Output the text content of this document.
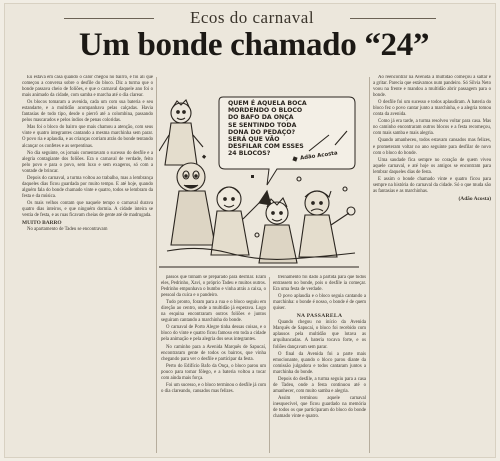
Ecos do carnaval
Um bonde chamado “24”

Eu estava em casa quando o calor chegou no bairro, e foi ali que começou a conversa sobre o desfile do bloco. Diz a turma que o bonde passava cheio de foliões, e que o carnaval daquele ano foi o mais animado da cidade, com samba e marcha até o dia clarear.

Os blocos tomaram a avenida, cada um com sua bateria e seu estandarte, e a multidão acompanhava pelas calçadas. Havia fantasias de todo tipo, desde o pierrô até a colombina, passando pelos mascarados e pelos índios de penas coloridas.

Mas foi o bloco do bairro que mais chamou a atenção, com seus vinte e quatro integrantes cantando a mesma marchinha sem parar. O povo ria e aplaudia, e as crianças corriam atrás do bonde tentando alcançar os confetes e as serpentinas.

No dia seguinte, os jornais comentavam o sucesso do desfile e a alegria contagiante dos foliões. Era o carnaval de verdade, feito pelo povo e para o povo, sem luxo e sem exageros, só com a vontade de brincar.

Depois do carnaval, a turma voltou ao trabalho, mas a lembrança daqueles dias ficou guardada por muito tempo. E até hoje, quando alguém fala do bonde chamado vinte e quatro, todos se lembram da festa e da música.

Os mais velhos contam que naquele tempo o carnaval durava quatro dias inteiros, e que ninguém dormia. A cidade inteira se vestia de festa, e as ruas ficavam cheias de gente até de madrugada.

MUITO BARRO

No apartamento de Tadeu se encontravam

QUEM É AQUELA BOCA
MORDENDO O BLOCO
DO BAFO DA ONÇA
SE SENTINDO TODA
DONA DO PEDAÇO?
SERÁ QUE VÃO
DESFILAR COM ESSES
24 BLOCOS?	Adão Acosta

passos que tinham se preparado para desfilar. Eram eles, Pedrinho, Xavi, o próprio Tadeu e muitos outros. Pedrinho empunhava o bumbo e vinha atrás a caixa, o pessoal da cuíca e o pandeiro.

Tudo pronto, foram para a rua e o bloco seguiu em direção ao centro, onde a multidão já esperava. Logo na esquina encontraram outros foliões e juntos seguiram cantando a marchinha do bonde.

O carnaval de Porto Alegre tinha dessas coisas, e o bloco do vinte e quatro ficou famoso em toda a cidade pela animação e pela alegria dos seus integrantes.

No caminho para a Avenida Marquês de Sapucaí, encontraram gente de todos os bairros, que vinha chegando para ver o desfile e participar da festa.

Perto do Edifício Bafo da Onça, o bloco parou um pouco para tomar fôlego, e a bateria voltou a tocar com ainda mais força.

Foi um sucesso, e o bloco terminou o desfile já com o dia clareando, cansados mas felizes.

treinamento foi dado a partida para que todos entrassem no bonde, pois o desfile ia começar. Era uma festa de verdade.

O povo aplaudia e o bloco seguia cantando a marchinha: o bonde é nosso, o bonde é de quem quiser.

NA PASSARELA

Quando chegou no início da Avenida Marquês de Sapucaí, o bloco foi recebido com aplausos pela multidão que lotava as arquibancadas. A bateria tocava forte, e os foliões dançavam sem parar.

O final da Avenida foi a parte mais emocionante, quando o bloco parou diante da comissão julgadora e todos cantaram juntos a marchinha do bonde.

Depois do desfile, a turma seguiu para a casa de Tadeu, onde a festa continuou até o amanhecer, com muito samba e alegria.

Assim terminou aquele carnaval inesquecível, que ficou guardado na memória de todos os que participaram do bloco do bonde chamado vinte e quatro.

Ao reencontrar na Avenida a multidão começou a saltar e a gritar. Parecia que estávamos num pandeiro. Só Sílvia Neto voou na frente e mandou a multidão abrir passagem para o bonde.

O desfile foi um sucesso e todos aplaudiram. A bateria do bloco fez o povo cantar junto a marchinha, e a alegria tomou conta da avenida.

Como já era tarde, a turma resolveu voltar para casa. Mas no caminho encontraram outros blocos e a festa recomeçou, com mais samba e mais alegria.

Quando amanheceu, todos estavam cansados mas felizes, e prometeram voltar no ano seguinte para desfilar de novo com o bloco do bonde.

Uma saudade fica sempre no coração de quem viveu aquele carnaval, e até hoje os amigos se encontram para lembrar daqueles dias de festa.

E assim o bonde chamado vinte e quatro ficou para sempre na história do carnaval da cidade. Só o que muda são as fantasias e as marchinhas.

(Adão Acosta)
